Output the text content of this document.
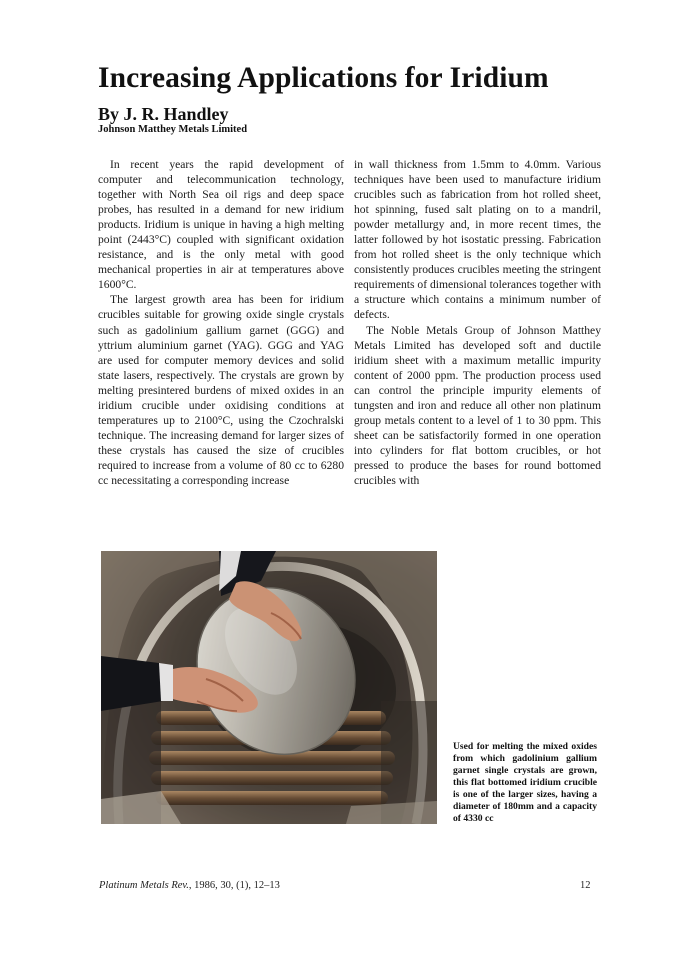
Increasing Applications for Iridium
By J. R. Handley
Johnson Matthey Metals Limited

In recent years the rapid development of computer and telecommunication technology, together with North Sea oil rigs and deep space probes, has resulted in a demand for new iridium products. Iridium is unique in having a high melting point (2443°C) coupled with significant oxidation resistance, and is the only metal with good mechanical properties in air at temperatures above 1600°C.

The largest growth area has been for iridium crucibles suitable for growing oxide single crystals such as gadolinium gallium garnet (GGG) and yttrium aluminium garnet (YAG). GGG and YAG are used for computer memory devices and solid state lasers, respectively. The crystals are grown by melting presintered burdens of mixed oxides in an iridium crucible under oxidising conditions at temperatures up to 2100°C, using the Czochralski technique. The increasing demand for larger sizes of these crystals has caused the size of crucibles required to increase from a volume of 80 cc to 6280 cc necessitating a corresponding increase

in wall thickness from 1.5mm to 4.0mm. Various techniques have been used to manufacture iridium crucibles such as fabrication from hot rolled sheet, hot spinning, fused salt plating on to a mandril, powder metallurgy and, in more recent times, the latter followed by hot isostatic pressing. Fabrication from hot rolled sheet is the only technique which consistently produces crucibles meeting the stringent requirements of dimensional tolerances together with a structure which contains a minimum number of defects.

The Noble Metals Group of Johnson Matthey Metals Limited has developed soft and ductile iridium sheet with a maximum metallic impurity content of 2000 ppm. The production process used can control the principle impurity elements of tungsten and iron and reduce all other non platinum group metals content to a level of 1 to 30 ppm. This sheet can be satisfactorily formed in one operation into cylinders for flat bottom crucibles, or hot pressed to produce the bases for round bottomed crucibles with

Used for melting the mixed oxides from which gadolinium gallium garnet single crystals are grown, this flat bottomed iridium crucible is one of the larger sizes, having a diameter of 180mm and a capacity of 4330 cc

Platinum Metals Rev., 1986, 30, (1), 12–13	12
